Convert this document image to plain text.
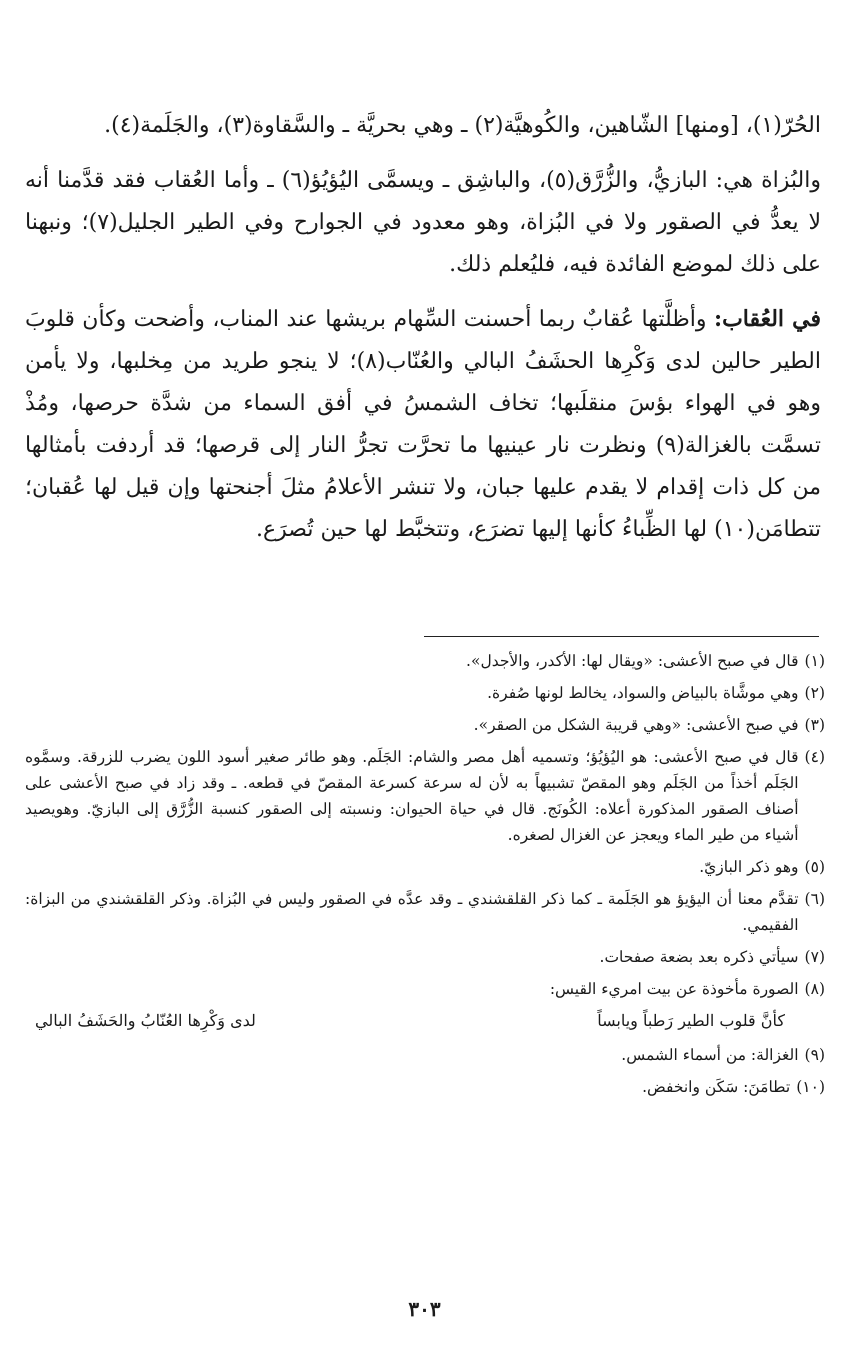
الحُرّ(١)، [ومنها] الشّاهين، والكُوهيَّة(٢) ـ وهي بحريَّة ـ والسَّقاوة(٣)، والجَلَمة(٤).

والبُزاة هي: البازيُّ، والزُّرَّق(٥)، والباشِق ـ ويسمَّى اليُؤيُؤ(٦) ـ وأما العُقاب فقد قدَّمنا أنه لا يعدُّ في الصقور ولا في البُزاة، وهو معدود في الجوارح وفي الطير الجليل(٧)؛ ونبهنا على ذلك لموضع الفائدة فيه، فليُعلم ذلك.

في العُقاب: وأظلَّتها عُقابٌ ربما أحسنت السِّهام بريشها عند المناب، وأضحت وكأن قلوبَ الطير حالين لدى وَكْرِها الحشَفُ البالي والعُنّاب(٨)؛ لا ينجو طريد من مِخلبها، ولا يأمن وهو في الهواء بؤسَ منقلَبها؛ تخاف الشمسُ في أفق السماء من شدَّة حرصها، ومُذْ تسمَّت بالغزالة(٩) ونظرت نار عينيها ما تحرَّت تجرُّ النار إلى قرصها؛ قد أردفت بأمثالها من كل ذات إقدام لا يقدم عليها جبان، ولا تنشر الأعلامُ مثلَ أجنحتها وإن قيل لها عُقبان؛ تتطامَن(١٠) لها الظِّباءُ كأنها إليها تضرَع، وتتخبَّط لها حين تُصرَع.

(١)
قال في صبح الأعشى: «ويقال لها: الأكدر، والأجدل».
(٢)
وهي موشَّاة بالبياض والسواد، يخالط لونها صُفرة.
(٣)
في صبح الأعشى: «وهي قريبة الشكل من الصقر».
(٤)
قال في صبح الأعشى: هو اليُؤيُؤ؛ وتسميه أهل مصر والشام: الجَلَم. وهو طائر صغير أسود اللون يضرب للزرقة. وسمَّوه الجَلَم أخذاً من الجَلَم وهو المقصّ تشبيهاً به لأن له سرعة كسرعة المقصّ في قطعه. ـ وقد زاد في صبح الأعشى على أصناف الصقور المذكورة أعلاه: الكُونَج. قال في حياة الحيوان: ونسبته إلى الصقور كنسبة الزُّرَّق إلى البازيّ. وهويصيد أشياء من طير الماء ويعجز عن الغزال لصغره.
(٥)
وهو ذكر البازيّ.
(٦)
تقدَّم معنا أن اليؤيؤ هو الجَلَمة ـ كما ذكر القلقشندي ـ وقد عدَّه في الصقور وليس في البُزاة. وذكر القلقشندي من البزاة: الفقيمي.
(٧)
سيأتي ذكره بعد بضعة صفحات.
(٨)
الصورة مأخوذة عن بيت امريء القيس:
كأنَّ قلوب الطير رَطباً ويابساً
لدى وَكْرِها العُنّابُ والحَشَفُ البالي
(٩)
الغزالة: من أسماء الشمس.
(١٠)
تطامَنَ: سَكَن وانخفض.
٣٠٣
